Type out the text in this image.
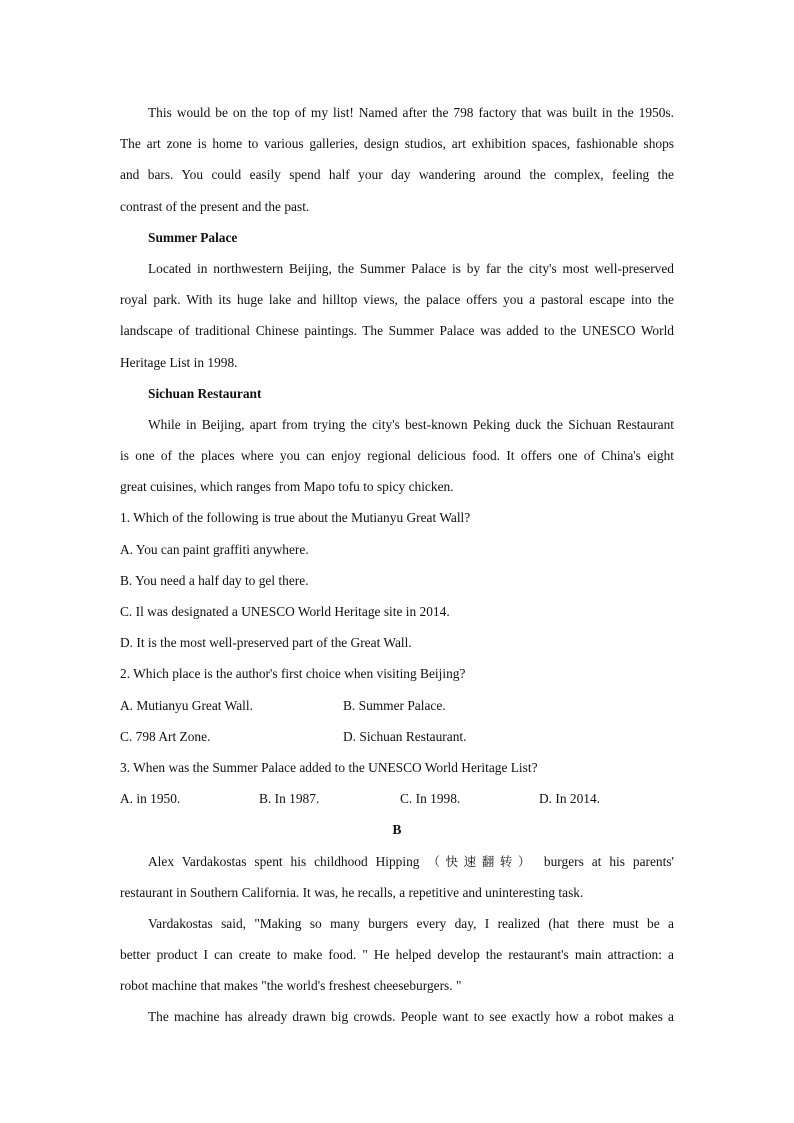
This would be on the top of my list! Named after the 798 factory that was built in the 1950s.
The art zone is home to various galleries, design studios, art exhibition spaces, fashionable shops
and bars. You could easily spend half your day wandering around the complex, feeling the
contrast of the present and the past.
Summer Palace
Located in northwestern Beijing, the Summer Palace is by far the city's most well-preserved
royal park. With its huge lake and hilltop views, the palace offers you a pastoral escape into the
landscape of traditional Chinese paintings. The Summer Palace was added to the UNESCO World
Heritage List in 1998.
Sichuan Restaurant
While in Beijing, apart from trying the city's best-known Peking duck the Sichuan Restaurant
is one of the places where you can enjoy regional delicious food. It offers one of China's eight
great cuisines, which ranges from Mapo tofu to spicy chicken.
1. Which of the following is true about the Mutianyu Great Wall?
A. You can paint graffiti anywhere.
B. You need a half day to gel there.
C. Il was designated a UNESCO World Heritage site in 2014.
D. It is the most well-preserved part of the Great Wall.
2. Which place is the author's first choice when visiting Beijing?
A. Mutianyu Great Wall.	B. Summer Palace.
C. 798 Art Zone.	D. Sichuan Restaurant.
3. When was the Summer Palace added to the UNESCO World Heritage List?
A. in 1950.	B. In 1987.	C. In 1998.	D. In 2014.
B
Alex Vardakostas spent his childhood Hipping （快速翻转） burgers at his parents'
restaurant in Southern California. It was, he recalls, a repetitive and uninteresting task.
Vardakostas said, "Making so many burgers every day, I realized (hat there must be a
better product I can create to make food. " He helped develop the restaurant's main attraction: a
robot machine that makes "the world's freshest cheeseburgers. "
The machine has already drawn big crowds. People want to see exactly how a robot makes a
